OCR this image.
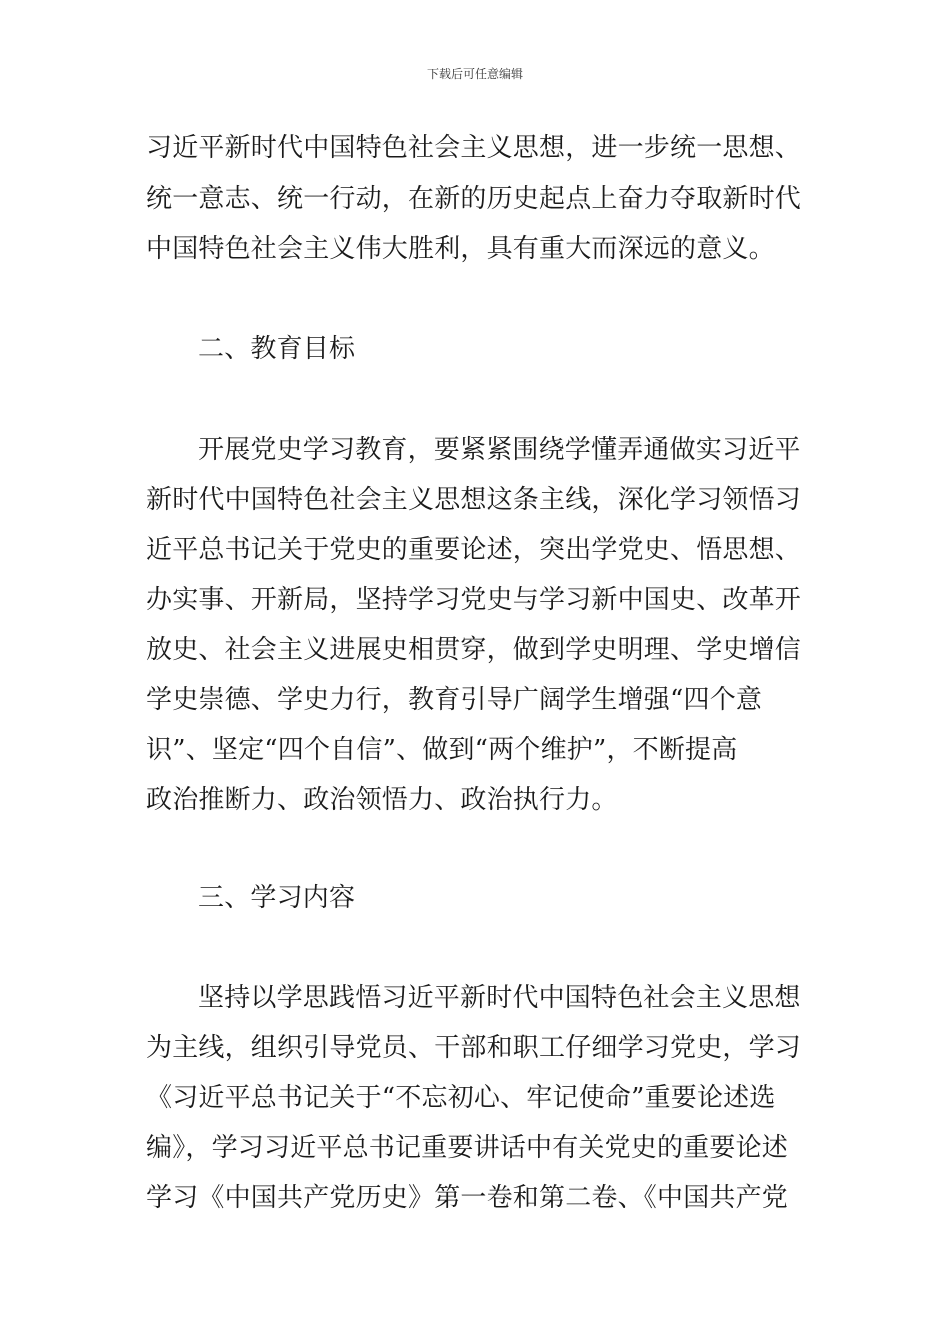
下载后可任意编辑
习近平新时代中国特色社会主义思想，进一步统一思想、
统一意志、统一行动，在新的历史起点上奋力夺取新时代
中国特色社会主义伟大胜利，具有重大而深远的意义。
二、教育目标
开展党史学习教育，要紧紧围绕学懂弄通做实习近平
新时代中国特色社会主义思想这条主线，深化学习领悟习
近平总书记关于党史的重要论述，突出学党史、悟思想、
办实事、开新局，坚持学习党史与学习新中国史、改革开
放史、社会主义进展史相贯穿，做到学史明理、学史增信
学史崇德、学史力行，教育引导广阔学生增强“四个意
识”、坚定“四个自信”、做到“两个维护”，不断提高
政治推断力、政治领悟力、政治执行力。
三、学习内容
坚持以学思践悟习近平新时代中国特色社会主义思想
为主线，组织引导党员、干部和职工仔细学习党史，学习
《习近平总书记关于“不忘初心、牢记使命”重要论述选
编》，学习习近平总书记重要讲话中有关党史的重要论述
学习《中国共产党历史》第一卷和第二卷、《中国共产党
